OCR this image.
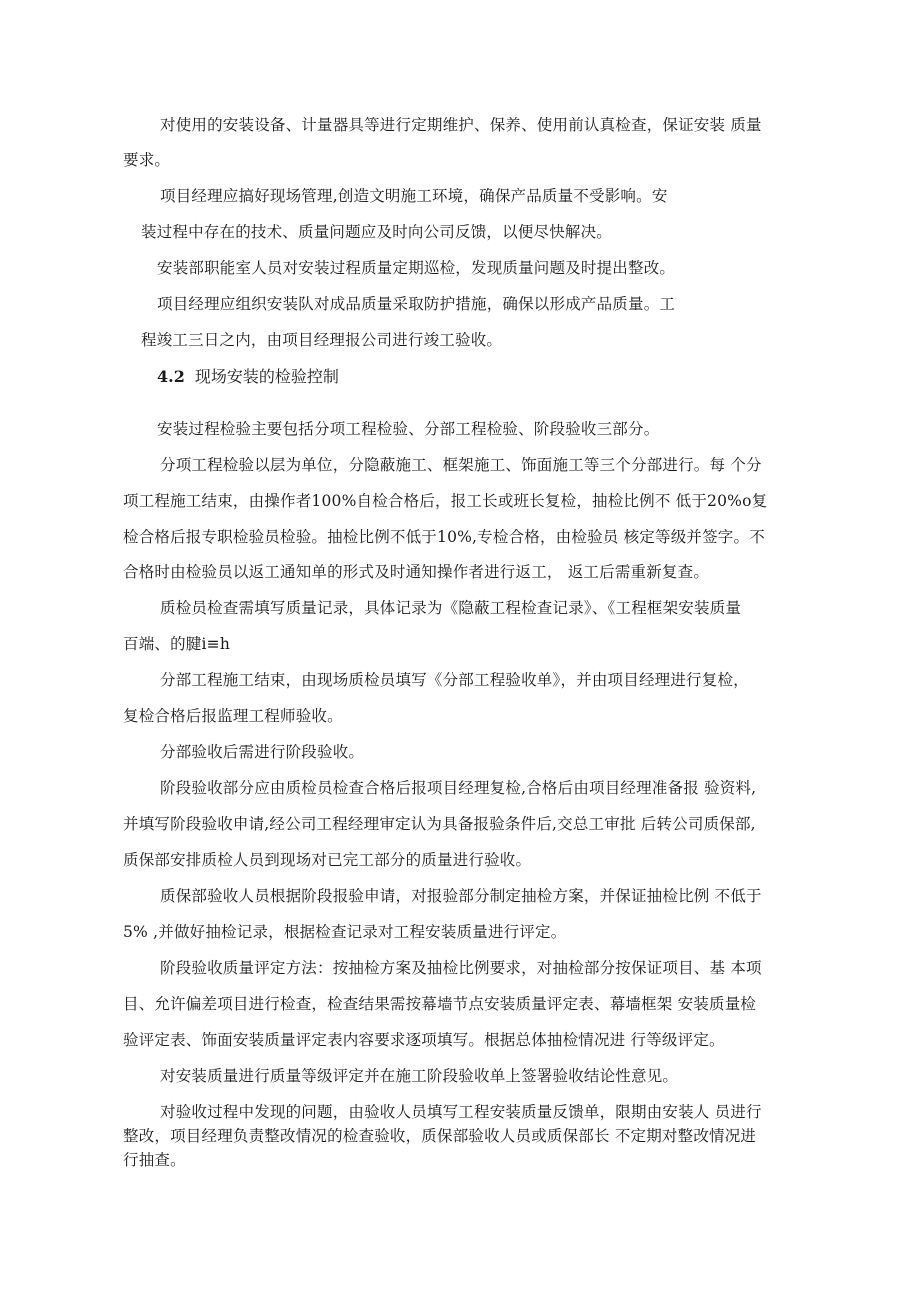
对使用的安装设备、计量器具等进行定期维护、保养、使用前认真检查，保证安装 质量

要求。

项目经理应搞好现场管理,创造文明施工环境，确保产品质量不受影响。安

装过程中存在的技术、质量问题应及时向公司反馈，以便尽快解决。

安装部职能室人员对安装过程质量定期巡检，发现质量问题及时提出整改。

项目经理应组织安装队对成品质量采取防护措施，确保以形成产品质量。工

程竣工三日之内，由项目经理报公司进行竣工验收。

4.2 现场安装的检验控制

安装过程检验主要包括分项工程检验、分部工程检验、阶段验收三部分。

分项工程检验以层为单位，分隐蔽施工、框架施工、饰面施工等三个分部进行。每 个分

项工程施工结束，由操作者100%自检合格后，报工长或班长复检，抽检比例不 低于20%o复

检合格后报专职检验员检验。抽检比例不低于10%,专检合格，由检验员 核定等级并签字。不

合格时由检验员以返工通知单的形式及时通知操作者进行返工， 返工后需重新复查。

质检员检查需填写质量记录，具体记录为《隐蔽工程检查记录》、《工程框架安装质量

百端、的腱i≡h

分部工程施工结束，由现场质检员填写《分部工程验收单》，并由项目经理进行复检，

复检合格后报监理工程师验收。

分部验收后需进行阶段验收。

阶段验收部分应由质检员检查合格后报项目经理复检,合格后由项目经理准备报 验资料,

并填写阶段验收申请,经公司工程经理审定认为具备报验条件后,交总工审批 后转公司质保部,

质保部安排质检人员到现场对已完工部分的质量进行验收。

质保部验收人员根据阶段报验申请，对报验部分制定抽检方案，并保证抽检比例 不低于

5% ,并做好抽检记录，根据检查记录对工程安装质量进行评定。

阶段验收质量评定方法：按抽检方案及抽检比例要求，对抽检部分按保证项目、基 本项

目、允许偏差项目进行检查，检查结果需按幕墙节点安装质量评定表、幕墙框架 安装质量检

验评定表、饰面安装质量评定表内容要求逐项填写。根据总体抽检情况进 行等级评定。

对安装质量进行质量等级评定并在施工阶段验收单上签署验收结论性意见。

对验收过程中发现的问题，由验收人员填写工程安装质量反馈单，限期由安装人 员进行

整改，项目经理负责整改情况的检查验收，质保部验收人员或质保部长 不定期对整改情况进

行抽查。
